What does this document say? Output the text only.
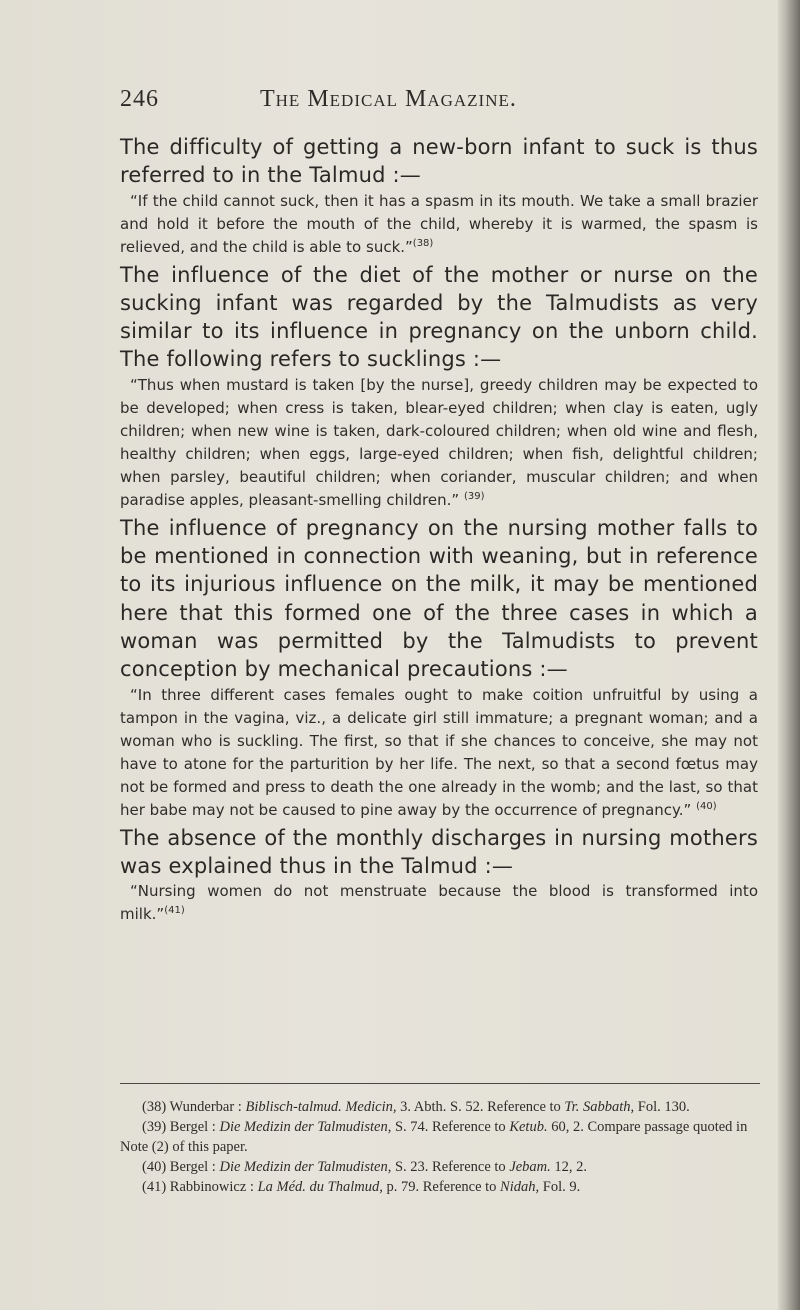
246	The Medical Magazine.

The difficulty of getting a new-born infant to suck is thus referred to in the Talmud :—

“If the child cannot suck, then it has a spasm in its mouth. We take a small brazier and hold it before the mouth of the child, whereby it is warmed, the spasm is relieved, and the child is able to suck.”$^{(38)}$

The influence of the diet of the mother or nurse on the sucking infant was regarded by the Talmudists as very similar to its influence in pregnancy on the unborn child. The following refers to sucklings :—

“Thus when mustard is taken [by the nurse], greedy children may be expected to be developed; when cress is taken, blear-eyed children; when clay is eaten, ugly children; when new wine is taken, dark-coloured children; when old wine and flesh, healthy children; when eggs, large-eyed children; when fish, delightful children; when parsley, beautiful children; when coriander, muscular children; and when paradise apples, pleasant-smelling children.” $^{(39)}$

The influence of pregnancy on the nursing mother falls to be mentioned in connection with weaning, but in reference to its injurious influence on the milk, it may be mentioned here that this formed one of the three cases in which a woman was permitted by the Talmudists to prevent conception by mechanical precautions :—

“In three different cases females ought to make coition unfruitful by using a tampon in the vagina, viz., a delicate girl still immature; a pregnant woman; and a woman who is suckling. The first, so that if she chances to conceive, she may not have to atone for the parturition by her life. The next, so that a second fœtus may not be formed and press to death the one already in the womb; and the last, so that her babe may not be caused to pine away by the occurrence of pregnancy.” $^{(40)}$

The absence of the monthly discharges in nursing mothers was explained thus in the Talmud :—

“Nursing women do not menstruate because the blood is transformed into milk.”$^{(41)}$

(38) Wunderbar : Biblisch-talmud. Medicin, 3. Abth. S. 52. Reference to Tr. Sabbath, Fol. 130.

(39) Bergel : Die Medizin der Talmudisten, S. 74. Reference to Ketub. 60, 2. Compare passage quoted in Note (2) of this paper.

(40) Bergel : Die Medizin der Talmudisten, S. 23. Reference to Jebam. 12, 2.

(41) Rabbinowicz : La Méd. du Thalmud, p. 79. Reference to Nidah, Fol. 9.
